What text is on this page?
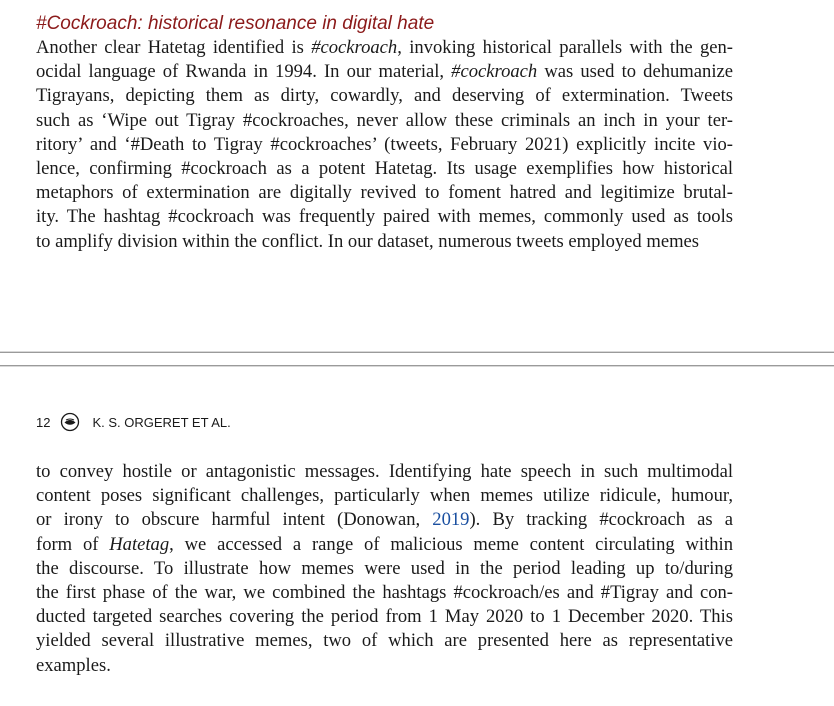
#Cockroach: historical resonance in digital hate
Another clear Hatetag identified is #cockroach, invoking historical parallels with the gen-
ocidal language of Rwanda in 1994. In our material, #cockroach was used to dehumanize
Tigrayans, depicting them as dirty, cowardly, and deserving of extermination. Tweets
such as ‘Wipe out Tigray #cockroaches, never allow these criminals an inch in your ter-
ritory’ and ‘#Death to Tigray #cockroaches’ (tweets, February 2021) explicitly incite vio-
lence, confirming #cockroach as a potent Hatetag. Its usage exemplifies how historical
metaphors of extermination are digitally revived to foment hatred and legitimize brutal-
ity. The hashtag #cockroach was frequently paired with memes, commonly used as tools
to amplify division within the conflict. In our dataset, numerous tweets employed memes
12	K. S. ORGERET ET AL.
to convey hostile or antagonistic messages. Identifying hate speech in such multimodal
content poses significant challenges, particularly when memes utilize ridicule, humour,
or irony to obscure harmful intent (Donowan, 2019). By tracking #cockroach as a
form of Hatetag, we accessed a range of malicious meme content circulating within
the discourse. To illustrate how memes were used in the period leading up to/during
the first phase of the war, we combined the hashtags #cockroach/es and #Tigray and con-
ducted targeted searches covering the period from 1 May 2020 to 1 December 2020. This
yielded several illustrative memes, two of which are presented here as representative
examples.
